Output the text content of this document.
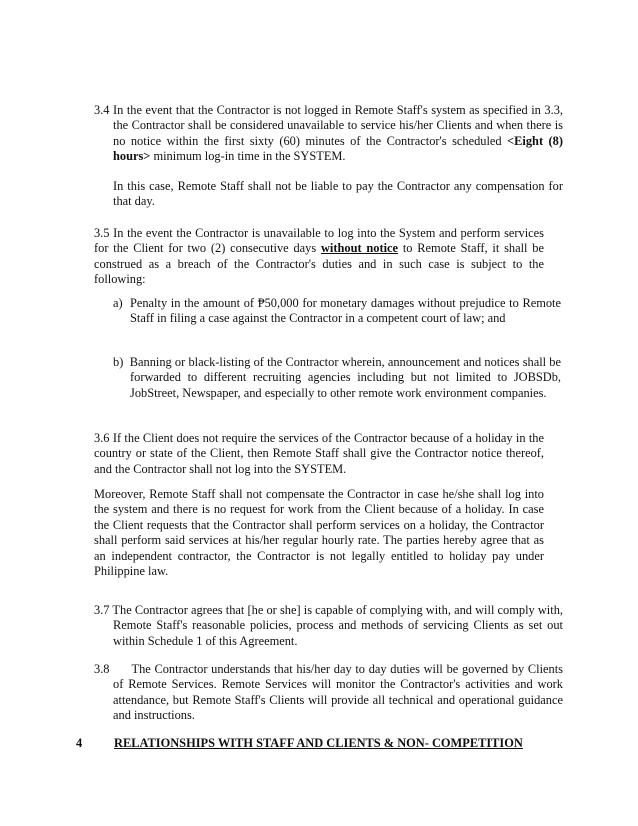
3.4 In the event that the Contractor is not logged in Remote Staff's system as specified in 3.3, the Contractor shall be considered unavailable to service his/her Clients and when there is no notice within the first sixty (60) minutes of the Contractor's scheduled <Eight (8) hours> minimum log-in time in the SYSTEM.

In this case, Remote Staff shall not be liable to pay the Contractor any compensation for that day.

3.5 In the event the Contractor is unavailable to log into the System and perform services for the Client for two (2) consecutive days without notice to Remote Staff, it shall be construed as a breach of the Contractor's duties and in such case is subject to the following:

a) Penalty in the amount of ₱50,000 for monetary damages without prejudice to Remote Staff in filing a case against the Contractor in a competent court of law; and

b) Banning or black-listing of the Contractor wherein, announcement and notices shall be forwarded to different recruiting agencies including but not limited to JOBSDb, JobStreet, Newspaper, and especially to other remote work environment companies.

3.6 If the Client does not require the services of the Contractor because of a holiday in the country or state of the Client, then Remote Staff shall give the Contractor notice thereof, and the Contractor shall not log into the SYSTEM.

Moreover, Remote Staff shall not compensate the Contractor in case he/she shall log into the system and there is no request for work from the Client because of a holiday. In case the Client requests that the Contractor shall perform services on a holiday, the Contractor shall perform said services at his/her regular hourly rate. The parties hereby agree that as an independent contractor, the Contractor is not legally entitled to holiday pay under Philippine law.

3.7 The Contractor agrees that [he or she] is capable of complying with, and will comply with, Remote Staff's reasonable policies, process and methods of servicing Clients as set out within Schedule 1 of this Agreement.

3.8      The Contractor understands that his/her day to day duties will be governed by Clients of Remote Services. Remote Services will monitor the Contractor's activities and work attendance, but Remote Staff's Clients will provide all technical and operational guidance and instructions.

4	RELATIONSHIPS WITH STAFF AND CLIENTS & NON- COMPETITION
